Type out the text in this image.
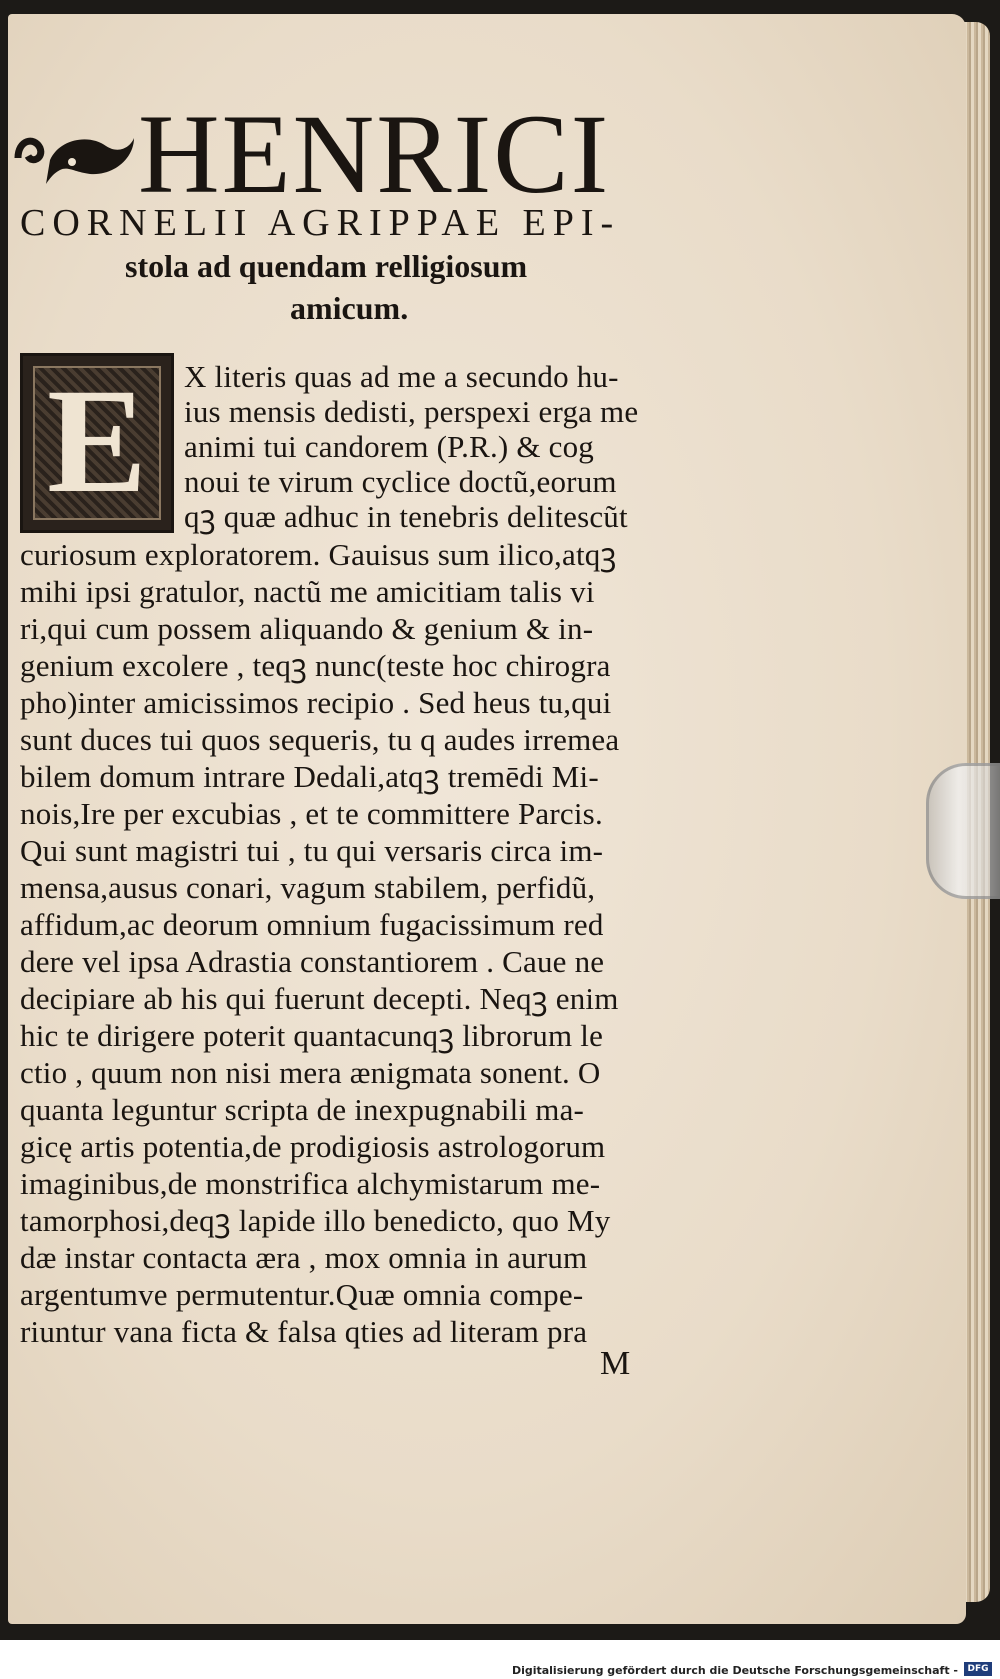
HENRICI
CORNELII AGRIPPAE EPI-
stola ad quendam relligiosum
amicum.
E	X literis quas ad me a secundo hu-

ius mensis dedisti, perspexi erga me

animi tui candorem (P.R.) & cog

noui te virum cyclice doctũ,eorum

qꝫ quæ adhuc in tenebris delitescũt

curiosum exploratorem. Gauisus sum ilico,atqꝫ

mihi ipsi gratulor, nactũ me amicitiam talis vi

ri,qui cum possem aliquando & genium & in-

genium excolere , teqꝫ nunc(teste hoc chirogra

pho)inter amicissimos recipio . Sed heus tu,qui

sunt duces tui quos sequeris, tu q audes irremea

bilem domum intrare Dedali,atqꝫ tremēdi Mi-

nois,Ire per excubias , et te committere Parcis.

Qui sunt magistri tui , tu qui versaris circa im-

mensa,ausus conari, vagum stabilem, perfidũ,

affidum,ac deorum omnium fugacissimum red

dere vel ipsa Adrastia constantiorem . Caue ne

decipiare ab his qui fuerunt decepti. Neqꝫ enim

hic te dirigere poterit quantacunqꝫ librorum le

ctio , quum non nisi mera ænigmata sonent. O

quanta leguntur scripta de inexpugnabili ma-

gicę artis potentia,de prodigiosis astrologorum

imaginibus,de monstrifica alchymistarum me-

tamorphosi,deqꝫ lapide illo benedicto, quo My

dæ instar contacta æra , mox omnia in aurum

argentumve permutentur.Quæ omnia compe-

riuntur vana ficta & falsa qties ad literam pra

M
Digitalisierung gefördert durch die Deutsche Forschungsgemeinschaft -	DFG
